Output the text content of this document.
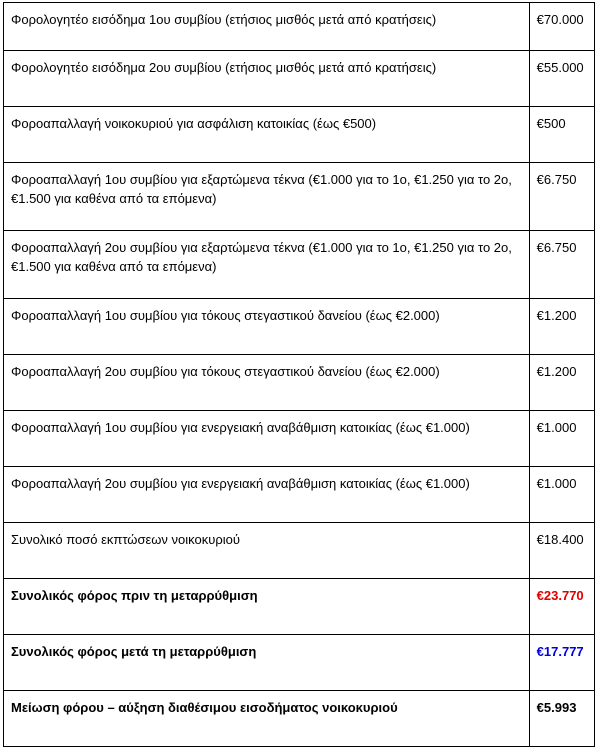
Φορολογητέο εισόδημα 1ου συμβίου (ετήσιος μισθός μετά από κρατήσεις)	€70.000
Φορολογητέο εισόδημα 2ου συμβίου (ετήσιος μισθός μετά από κρατήσεις)	€55.000
Φοροαπαλλαγή νοικοκυριού για ασφάλιση κατοικίας (έως €500)	€500
Φοροαπαλλαγή 1ου συμβίου για εξαρτώμενα τέκνα (€1.000 για το 1ο, €1.250 για το 2ο, €1.500 για καθένα από τα επόμενα)	€6.750
Φοροαπαλλαγή 2ου συμβίου για εξαρτώμενα τέκνα (€1.000 για το 1ο, €1.250 για το 2ο, €1.500 για καθένα από τα επόμενα)	€6.750
Φοροαπαλλαγή 1ου συμβίου για τόκους στεγαστικού δανείου (έως €2.000)	€1.200
Φοροαπαλλαγή 2ου συμβίου για τόκους στεγαστικού δανείου (έως €2.000)	€1.200
Φοροαπαλλαγή 1ου συμβίου για ενεργειακή αναβάθμιση κατοικίας (έως €1.000)	€1.000
Φοροαπαλλαγή 2ου συμβίου για ενεργειακή αναβάθμιση κατοικίας (έως €1.000)	€1.000
Συνολικό ποσό εκπτώσεων νοικοκυριού	€18.400
Συνολικός φόρος πριν τη μεταρρύθμιση	€23.770
Συνολικός φόρος μετά τη μεταρρύθμιση	€17.777
Μείωση φόρου – αύξηση διαθέσιμου εισοδήματος νοικοκυριού	€5.993
